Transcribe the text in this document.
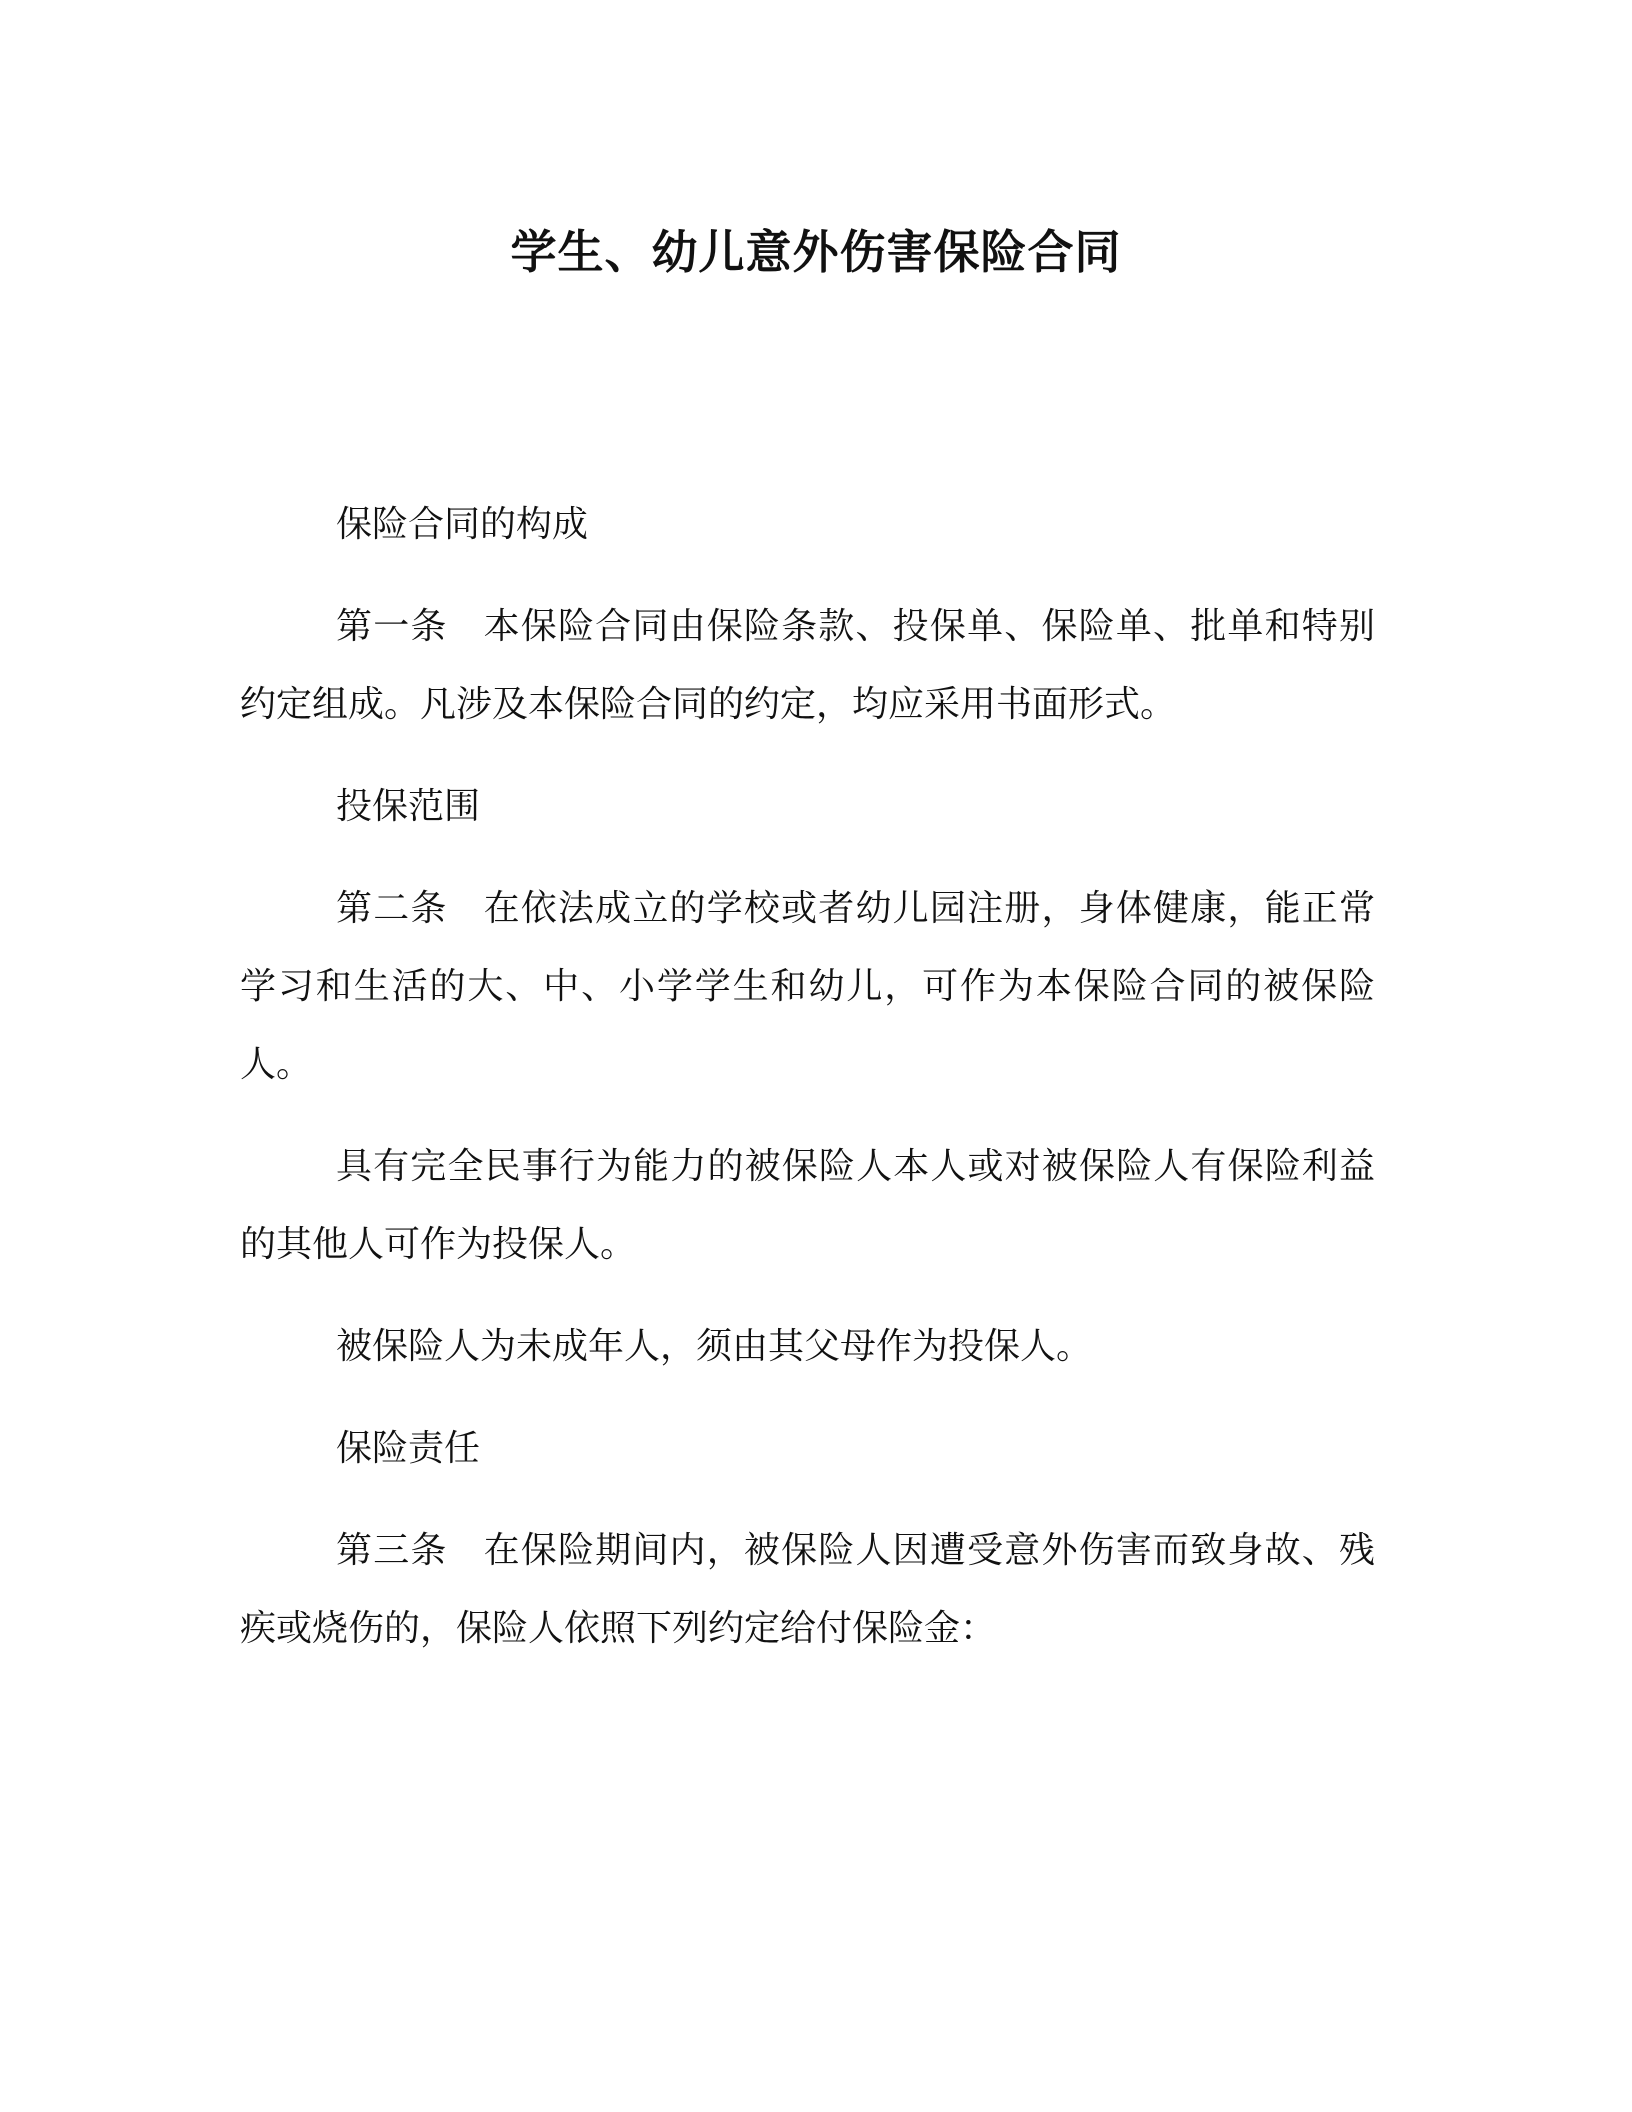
学生、幼儿意外伤害保险合同

保险合同的构成

第一条 本保险合同由保险条款、投保单、保险单、批单和特别约定组成。凡涉及本保险合同的约定，均应采用书面形式。

投保范围

第二条 在依法成立的学校或者幼儿园注册，身体健康，能正常学习和生活的大、中、小学学生和幼儿，可作为本保险合同的被保险人。

具有完全民事行为能力的被保险人本人或对被保险人有保险利益的其他人可作为投保人。

被保险人为未成年人，须由其父母作为投保人。

保险责任

第三条 在保险期间内，被保险人因遭受意外伤害而致身故、残疾或烧伤的，保险人依照下列约定给付保险金：
